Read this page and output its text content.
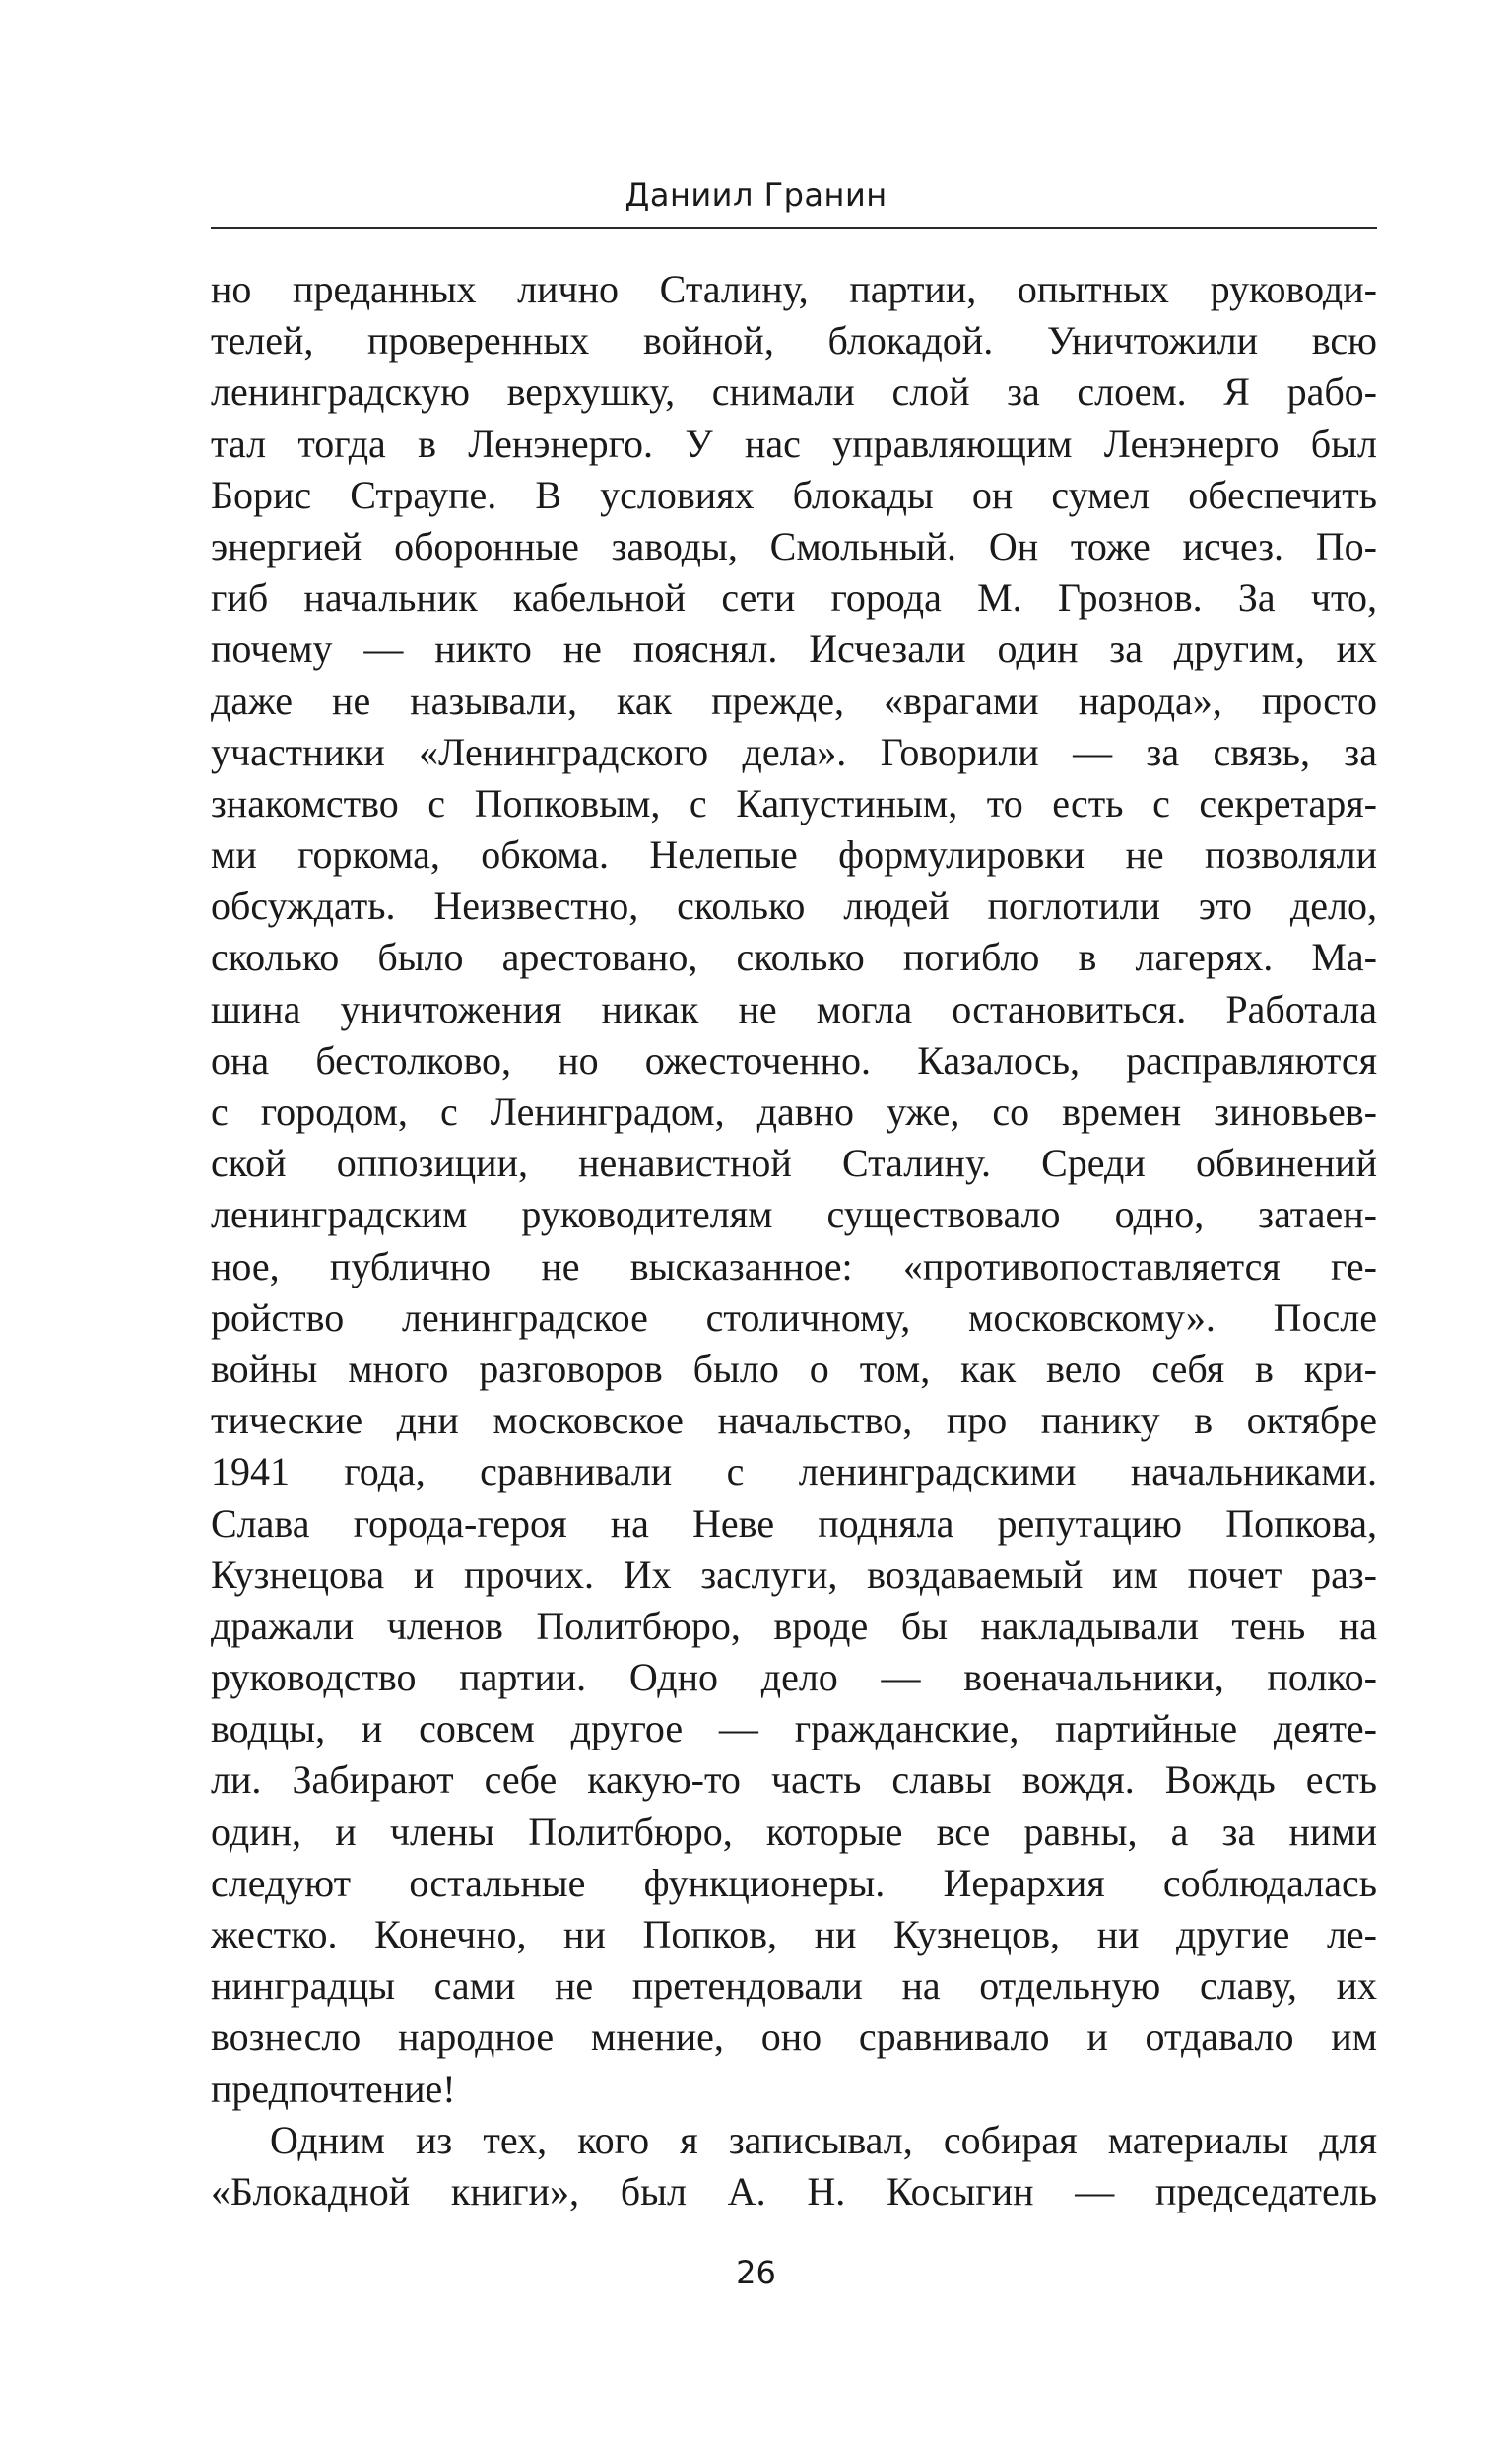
Даниил Гранин
но преданных лично Сталину, партии, опытных руководи-
телей, проверенных войной, блокадой. Уничтожили всю
ленинградскую верхушку, снимали слой за слоем. Я рабо-
тал тогда в Ленэнерго. У нас управляющим Ленэнерго был
Борис Страупе. В условиях блокады он сумел обеспечить
энергией оборонные заводы, Смольный. Он тоже исчез. По-
гиб начальник кабельной сети города М. Грознов. За что,
почему — никто не пояснял. Исчезали один за другим, их
даже не называли, как прежде, «врагами народа», просто
участники «Ленинградского дела». Говорили — за связь, за
знакомство с Попковым, с Капустиным, то есть с секретаря-
ми горкома, обкома. Нелепые формулировки не позволяли
обсуждать. Неизвестно, сколько людей поглотили это дело,
сколько было арестовано, сколько погибло в лагерях. Ма-
шина уничтожения никак не могла остановиться. Работала
она бестолково, но ожесточенно. Казалось, расправляются
с городом, с Ленинградом, давно уже, со времен зиновьев-
ской оппозиции, ненавистной Сталину. Среди обвинений
ленинградским руководителям существовало одно, затаен-
ное, публично не высказанное: «противопоставляется ге-
ройство ленинградское столичному, московскому». После
войны много разговоров было о том, как вело себя в кри-
тические дни московское начальство, про панику в октябре
1941 года, сравнивали с ленинградскими начальниками.
Слава города-героя на Неве подняла репутацию Попкова,
Кузнецова и прочих. Их заслуги, воздаваемый им почет раз-
дражали членов Политбюро, вроде бы накладывали тень на
руководство партии. Одно дело — военачальники, полко-
водцы, и совсем другое — гражданские, партийные деяте-
ли. Забирают себе какую-то часть славы вождя. Вождь есть
один, и члены Политбюро, которые все равны, а за ними
следуют остальные функционеры. Иерархия соблюдалась
жестко. Конечно, ни Попков, ни Кузнецов, ни другие ле-
нинградцы сами не претендовали на отдельную славу, их
вознесло народное мнение, оно сравнивало и отдавало им
предпочтение!
Одним из тех, кого я записывал, собирая материалы для
«Блокадной книги», был А. Н. Косыгин — председатель
26
